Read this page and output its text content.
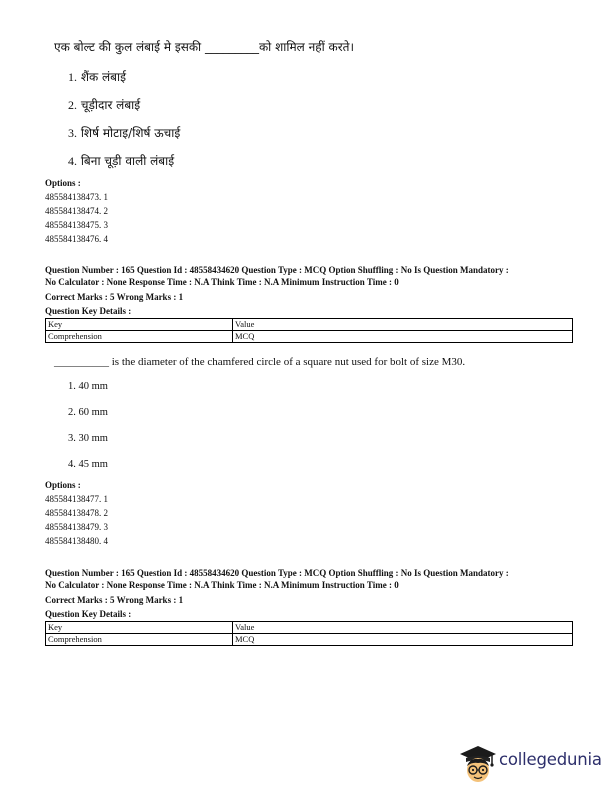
एक बोल्ट की कुल लंबाई मे इसकी _________को शामिल नहीं करते।
1. शैंक लंबाई
2. चूड़ीदार लंबाई
3. शिर्ष मोटाइ/शिर्ष ऊचाई
4. बिना चूड़ी वाली लंबाई
Options :
485584138473. 1
485584138474. 2
485584138475. 3
485584138476. 4
Question Number : 165 Question Id : 48558434620 Question Type : MCQ Option Shuffling : No Is Question Mandatory :
No Calculator : None Response Time : N.A Think Time : N.A Minimum Instruction Time : 0
Correct Marks : 5 Wrong Marks : 1
Question Key Details :
Key	Value
Comprehension	MCQ
__________ is the diameter of the chamfered circle of a square nut used for bolt of size M30.
1. 40 mm
2. 60 mm
3. 30 mm
4. 45 mm
Options :
485584138477. 1
485584138478. 2
485584138479. 3
485584138480. 4
Question Number : 165 Question Id : 48558434620 Question Type : MCQ Option Shuffling : No Is Question Mandatory :
No Calculator : None Response Time : N.A Think Time : N.A Minimum Instruction Time : 0
Correct Marks : 5 Wrong Marks : 1
Question Key Details :
Key	Value
Comprehension	MCQ
collegedunia
